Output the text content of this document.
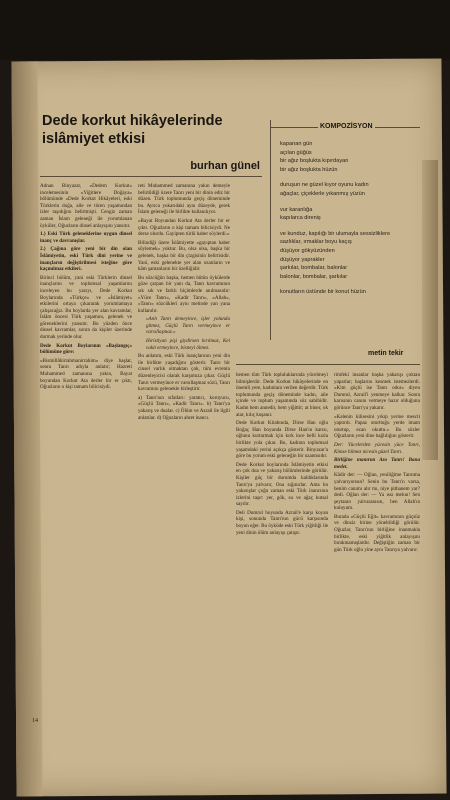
Dede korkut hikâyelerinde islâmiyet etkisi
burhan günel

Adnan Binyazar, «Dedem Korkut» incelemesinin «Yiğitlere Doğaya» bölümünde «Dede Korkut Hikâyeleri, eski Türklerin doğa, aile ve tören yaşamından izler taşıdığını belirtmişti. Cengiz zaman zaman İslam geleneği ile yorumlanan öyküler, Oğuzların dinsel anlayışını yansıtır.

1.) Eski Türk geleneklerine uygun dinsel inanç ve davranışlar.

2.) Çağına göre yeni bir din olan İslâmiyetin, eski Türk dini yerine ve inançların değiştirilmesi isteğine göre kaçınılmaz etkileri.

Birinci bölüm, yani eski Türklerin dinsel inançlarını ve toplumsal yaşamlarını inceleyen bu yazıyı, Dede Korkut Boylarında «Türkçe» ve «İslâmiyet» etkilerini ortaya çıkararak yorumlamaya çalışacağız. Bu boylarda yer alan kavramlar, İslâm öncesi Türk yaşamını, gelenek ve göreneklerini yansıtır. Bu yüzden önce dinsel kavramlar, sonra da kişiler üzerinde durmak yerinde olur.

Dede Korkut Boylarının «Başlangıç» bölümüne göre:

«Bismillâhirrahmanirrahim» diye başlar, sonra Tanrı adıyla anlatır; Hazreti Muhammed zamanına yakın, Bayat boyundan Korkut Ata derler bir er çıktı, Oğuzların o kişi tamam bilicisiydi.

reti Muhammed zamanına yakın demeyle belirtildiği üzere Tanrı yeni bir dinin ediz bir düzen. Türk toplumunda geçiş döneminde bu. Ayrıca yukarıdaki aynı düzeyde, gerek İslam geleneği ile birlikte kullanılıyor.

«Bayat Boyundan Korkut Ata derler bir er çıktı. Oğuzların o kişi tamam bilicisiydi. Ne derse olurdu. Gayipten türlü haber söylerdi.»

Bilindiği üzere İslâmiyette «gayıptan haber söylemek» yoktur. Bu, olsa olsa, başka bir gelenek, başka bir din çizgisinin belirtisidir. Yani, eski gelenekte yer alan ozanların ve kâm şamanların bir özelliğidir.

Bu sözcüğün başka, hemen bütün öykülerde göze çarpan bir yanı da, Tanrı kavramının sık sık ve farklı biçimlerde anılmasıdır: «Yüce Tanrı», «Kadir Tanrı», «Allah», «Tanrı» sözcükleri aynı metinde yan yana kullanılır.

«Anlı Tanrı demeyince, işler yolunda gitmez, Güçlü Tanrı vermeyince er varsıllaşmaz.»

Hıristiyan pişi giydirsen kırılmaz, Kel vakit ermeyince, bisneyi ölmez.

Bu anlatım, eski Türk inançlarının yeni din ile birlikte yaşadığını gösterir. Tanrı bir cinsel varlık olmaktan çok, tüm evrenin düzenleyicisi olarak karşımıza çıkar. Güçlü Tanrı vermeyince er varsıllaşmaz sözü, Tanrı kavramını gelenekle birleştirir.

a) Tanrı'nın sıfatları: yaratıcı, koruyucu, «Güçlü Tanrı», «Kadir Tanrı». b) Tanrı'ya yakarış ve dualar. c) Ölüm ve Azrail ile ilgili anlatılar. d) Oğuzların ahret inancı.

hemen tüm Türk topluluklarında yücelmeyi bilmişlerdir. Dede Korkut hikâyelerinde en önemli yere, kadınlara verilen değerdir. Türk toplumunda geçiş döneminde kadın, aile içinde ve toplum yaşamında söz sahibidir. Kadın hem annedir, hem yiğittir; at biner, ok atar, kılıç kuşanır.

Dede Korkut Kitabında, Dirse Han oğlu Boğaç Han boyunda Dirse Han'ın karısı, oğlunu kurtarmak için kırk ince belli kızla birlikte yola çıkar. Bu, kadının toplumsal yaşamdaki yerini açıkça gösterir. Binyazar'a göre bu yorum eski geleneğin bir uzantısıdır.

Dede Korkut boylarında İslâmiyetin etkisi en çok dua ve yakarış bölümlerinde görülür. Kişiler güç bir durumda kaldıklarında Tanrı'ya yalvarır, Ona sığınırlar. Ama bu yakarışlar çoğu zaman eski Türk inancının izlerini taşır: yer, gök, su ve ağaç kutsal sayılır.

Deli Dumrul boyunda Azrail'e karşı koyan kişi, sonunda Tanrı'nın gücü karşısında boyun eğer. Bu öyküde eski Türk yiğitliği ile yeni dinin ölüm anlayışı çatışır.

rimfeki insanlar başka yakarışı çoktan yaparlar; başlarını kesmek istemezlerdi. «Kim güçlü ise Tanrı odur» diyen Dumrul, Azrail'i yenmeye kalkar. Sonra karısının canını vermeye hazır olduğunu görünce Tanrı'ya yakarır.

«Kalenin kilisesini yıkıp yerine mescit yaptırdı. Papaz oturttuğu yerde imam oturtup, ezan okuttu.» Bu sözler Oğuzların yeni dine bağlılığını gösterir.

Der: Yücelerden yücesin yüce Tanrı, Kimse bilmez nicesin güzel Tanrı.

Birliğine ınanırım Azo Tanrı! Bana medet.

Kâdir der: — Oğlan, yeniliğime Tanrıma yalvarıyorsun? Senin bu Tanrı'n varsa, benim canımı alır mı, niye pithanem yar? dedi. Oğlan der: — Ya ıssı melun! Sen şeytanın yalvaranısın, ben Allah'ın kuluyum.

Burada «Güçlü Eğit» kavramının güçsüz ve dinsiz birine yöneltildiği görülür. Oğuzlar, Tanrı'nın birliğine inanmakla birlikte, eski yiğitlik anlayışını bırakmamışlardır. Değiştiğin zaman bir gün Türk oğlu yine aynı Tanrıya yalvarır.

KOMPOZİSYON
kapanan gün
açılan güğüs
bir ağız boşlukta kıpırdayan
bir ağız boşlukta hüzün
duruşun ne güzel kıyor oyunu kadın
ağaçlar, çiçeklerle yıkanmış yüzün
vur karanlığa
kapılarca direniş
ve kunduz, kapılığı bir ulumayla sessizliklere
sazlıklar, ırmaklar boyu kaçış
düşüyor gökyüzünden
düşüyor yaprakler
şarkılar, bombalar, balonlar
balonlar, bombalar, şarkılar
konutların üstünde bir konut hüzün
metin tekir
14
